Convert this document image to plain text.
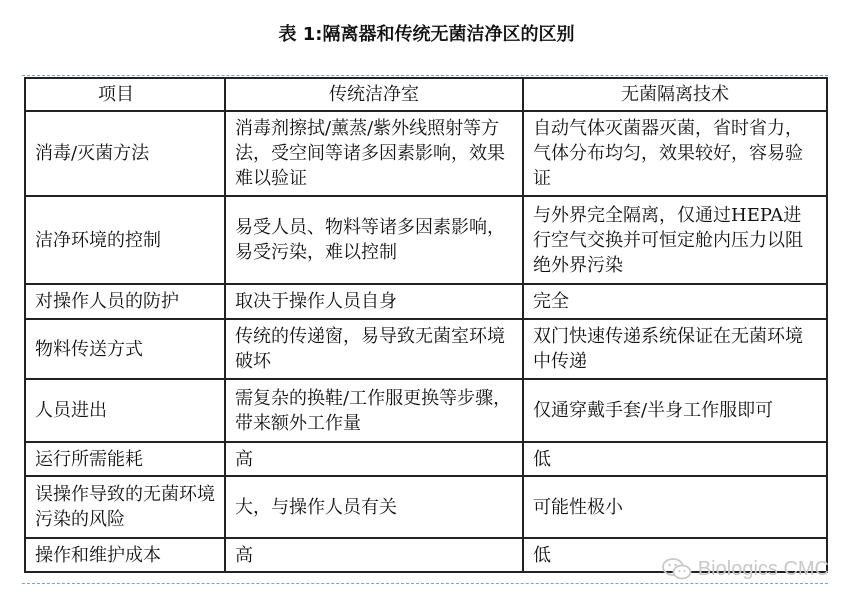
表 1:隔离器和传统无菌洁净区的区别
项目	传统洁净室	无菌隔离技术
消毒/灭菌方法	消毒剂擦拭/薰蒸/紫外线照射等方法，受空间等诸多因素影响，效果难以验证	自动气体灭菌器灭菌，省时省力，气体分布均匀，效果较好，容易验证
洁净环境的控制	易受人员、物料等诸多因素影响，易受污染，难以控制	与外界完全隔离，仅通过HEPA进行空气交换并可恒定舱内压力以阻绝外界污染
对操作人员的防护	取决于操作人员自身	完全
物料传送方式	传统的传递窗，易导致无菌室环境破坏	双门快速传递系统保证在无菌环境中传递
人员进出	需复杂的换鞋/工作服更换等步骤，带来额外工作量	仅通穿戴手套/半身工作服即可
运行所需能耗	高	低
误操作导致的无菌环境污染的风险	大，与操作人员有关	可能性极小
操作和维护成本	高	低
Biologics CMC
